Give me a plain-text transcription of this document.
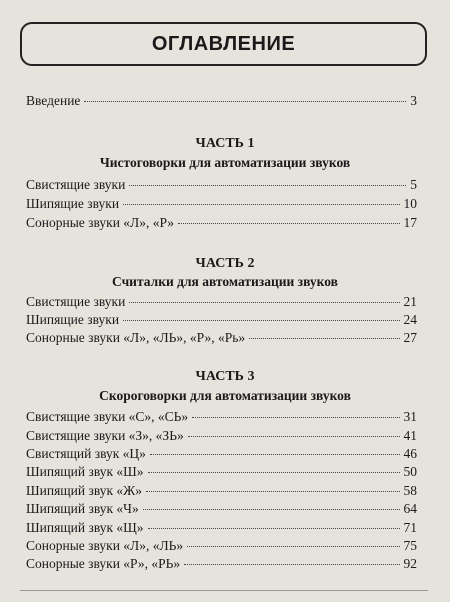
ОГЛАВЛЕНИЕ
Введение	3
ЧАСТЬ 1
Чистоговорки для автоматизации звуков
Свистящие звуки	5
Шипящие звуки	10
Сонорные звуки «Л», «Р»	17
ЧАСТЬ 2
Считалки для автоматизации звуков
Свистящие звуки	21
Шипящие звуки	24
Сонорные звуки «Л», «ЛЬ», «Р», «Рь»	27
ЧАСТЬ 3
Скороговорки для автоматизации звуков
Свистящие звуки «С», «СЬ»	31
Свистящие звуки «З», «ЗЬ»	41
Свистящий звук «Ц»	46
Шипящий звук «Ш»	50
Шипящий звук «Ж»	58
Шипящий звук «Ч»	64
Шипящий звук «Щ»	71
Сонорные звуки «Л», «ЛЬ»	75
Сонорные звуки «Р», «РЬ»	92
